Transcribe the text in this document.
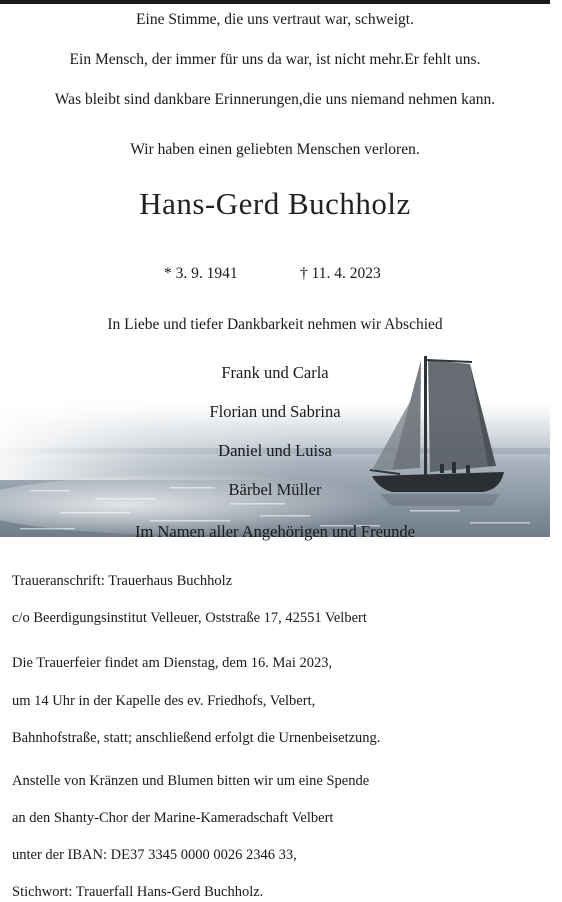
Eine Stimme, die uns vertraut war, schweigt.
Ein Mensch, der immer für uns da war, ist nicht mehr.Er fehlt uns.
Was bleibt sind dankbare Erinnerungen,die uns niemand nehmen kann.
Wir haben einen geliebten Menschen verloren.
Hans-Gerd Buchholz
* 3. 9. 1941	† 11. 4. 2023
In Liebe und tiefer Dankbarkeit nehmen wir Abschied
Frank und Carla
Florian und Sabrina
Daniel und Luisa
Bärbel Müller
Im Namen aller Angehörigen und Freunde
Traueranschrift: Trauerhaus Buchholz
c/o Beerdigungsinstitut Velleuer, Oststraße 17, 42551 Velbert
Die Trauerfeier findet am Dienstag, dem 16. Mai 2023,
um 14 Uhr in der Kapelle des ev. Friedhofs, Velbert,
Bahnhofstraße, statt; anschließend erfolgt die Urnenbeisetzung.
Anstelle von Kränzen und Blumen bitten wir um eine Spende
an den Shanty-Chor der Marine-Kameradschaft Velbert
unter der IBAN: DE37 3345 0000 0026 2346 33,
Stichwort: Trauerfall Hans-Gerd Buchholz.
